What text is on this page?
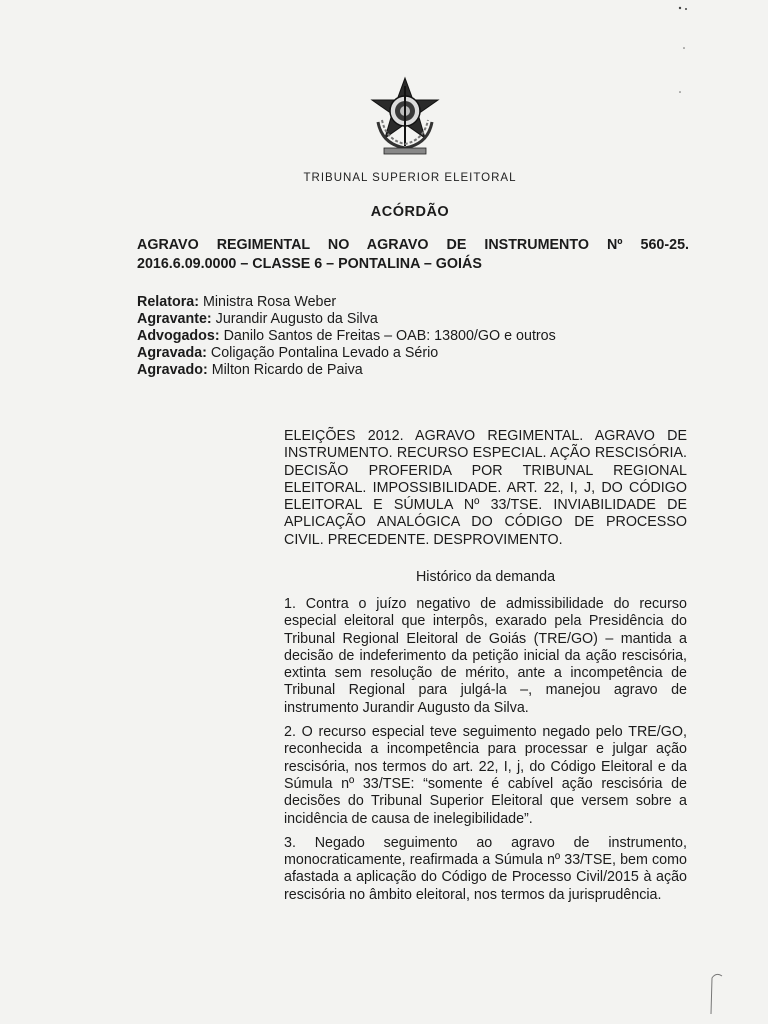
TRIBUNAL SUPERIOR ELEITORAL
ACÓRDÃO
AGRAVO REGIMENTAL NO AGRAVO DE INSTRUMENTO Nº 560-25.
2016.6.09.0000 – CLASSE 6 – PONTALINA – GOIÁS
Relatora: Ministra Rosa Weber
Agravante: Jurandir Augusto da Silva
Advogados: Danilo Santos de Freitas – OAB: 13800/GO e outros
Agravada: Coligação Pontalina Levado a Sério
Agravado: Milton Ricardo de Paiva
ELEIÇÕES 2012. AGRAVO REGIMENTAL. AGRAVO DE INSTRUMENTO. RECURSO ESPECIAL. AÇÃO RESCISÓRIA. DECISÃO PROFERIDA POR TRIBUNAL REGIONAL ELEITORAL. IMPOSSIBILIDADE. ART. 22, I, J, DO CÓDIGO ELEITORAL E SÚMULA Nº 33/TSE. INVIABILIDADE DE APLICAÇÃO ANALÓGICA DO CÓDIGO DE PROCESSO CIVIL. PRECEDENTE. DESPROVIMENTO.
Histórico da demanda

1. Contra o juízo negativo de admissibilidade do recurso especial eleitoral que interpôs, exarado pela Presidência do Tribunal Regional Eleitoral de Goiás (TRE/GO) – mantida a decisão de indeferimento da petição inicial da ação rescisória, extinta sem resolução de mérito, ante a incompetência de Tribunal Regional para julgá-la –, manejou agravo de instrumento Jurandir Augusto da Silva.

2. O recurso especial teve seguimento negado pelo TRE/GO, reconhecida a incompetência para processar e julgar ação rescisória, nos termos do art. 22, I, j, do Código Eleitoral e da Súmula nº 33/TSE: “somente é cabível ação rescisória de decisões do Tribunal Superior Eleitoral que versem sobre a incidência de causa de inelegibilidade”.

3. Negado seguimento ao agravo de instrumento, monocraticamente, reafirmada a Súmula nº 33/TSE, bem como afastada a aplicação do Código de Processo Civil/2015 à ação rescisória no âmbito eleitoral, nos termos da jurisprudência.
